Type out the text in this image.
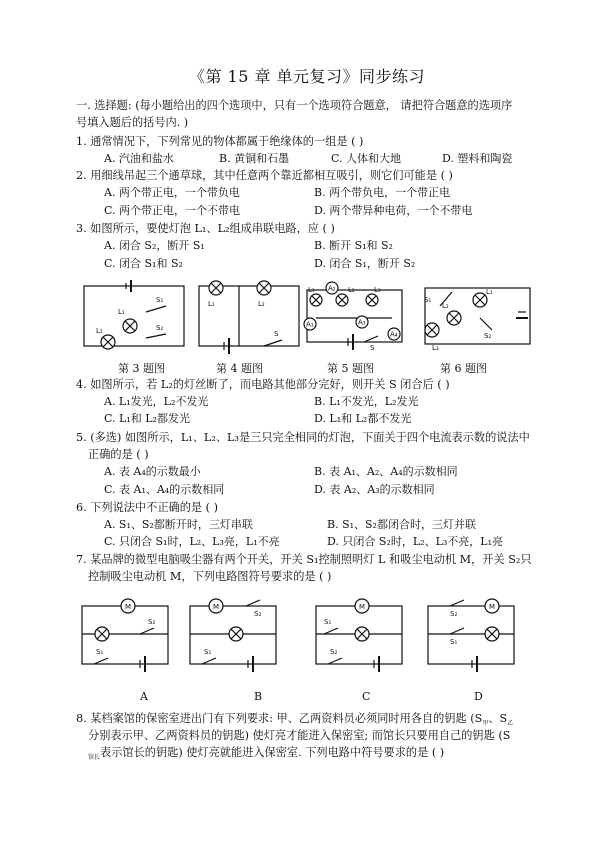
《第 15 章 单元复习》同步练习
一. 选择题: (每小题给出的四个选项中，只有一个选项符合题意， 请把符合题意的选项序
号填入题后的括号内. )
1. 通常情况下，下列常见的物体都属于绝缘体的一组是 ( )
A. 汽油和盐水	B. 黄铜和石墨	C. 人体和大地	D. 塑料和陶瓷
2. 用细线吊起三个通草球，其中任意两个靠近都相互吸引，则它们可能是 ( )
A. 两个带正电，一个带负电	B. 两个带负电，一个带正电
C. 两个带正电，一个不带电	D. 两个带异种电荷，一个不带电
3. 如图所示，要使灯泡 L₁、L₂组成串联电路，应 ( )
A. 闭合 S₂，断开 S₁	B. 断开 S₁和 S₂
C. 闭合 S₁和 S₂	D. 闭合 S₁，断开 S₂
L₁
L₂
S₁
S₂
L₁	L₂
S
A₂
A₁	A₃
A₄
L₁	L₂	L₃
S
S₁
L₂
L₁
S₂
L₃
第 3 题图	第 4 题图	第 5 题图	第 6 题图
4. 如图所示，若 L₂的灯丝断了，而电路其他部分完好，则开关 S 闭合后 ( )
A. L₁发光，L₂不发光	B. L₁不发光，L₂发光
C. L₁和 L₂都发光	D. L₁和 L₂都不发光
5. (多选) 如图所示，L₁、L₂、L₃是三只完全相同的灯泡，下面关于四个电流表示数的说法中
正确的是 ( )
A. 表 A₄的示数最小	B. 表 A₁、A₂、A₄的示数相同
C. 表 A₁、A₄的示数相同	D. 表 A₂、A₃的示数相同
6. 下列说法中不正确的是 ( )
A. S₁、S₂都断开时，三灯串联	B. S₁、S₂都闭合时，三灯并联
C. 只闭合 S₁时，L₂、L₃亮，L₁不亮	D. 只闭合 S₂时，L₂、L₃不亮，L₁亮
7. 某品牌的微型电脑吸尘器有两个开关，开关 S₁控制照明灯 L 和吸尘电动机 M，开关 S₂只
控制吸尘电动机 M，下列电路图符号要求的是 ( )
M
S₂
S₁
M
S₂
S₁
M
S₁
S₂
M
S₂
S₁
A	B	C	D
8. 某档案馆的保密室进出门有下列要求: 甲、乙两资料员必须同时用各自的钥匙 ($S_甲$、$S_乙$
分别表示甲、乙两资料员的钥匙) 使灯亮才能进入保密室; 而馆长只要用自己的钥匙 (S
$_{馆长}$表示馆长的钥匙) 使灯亮就能进入保密室. 下列电路中符号要求的是 ( )
